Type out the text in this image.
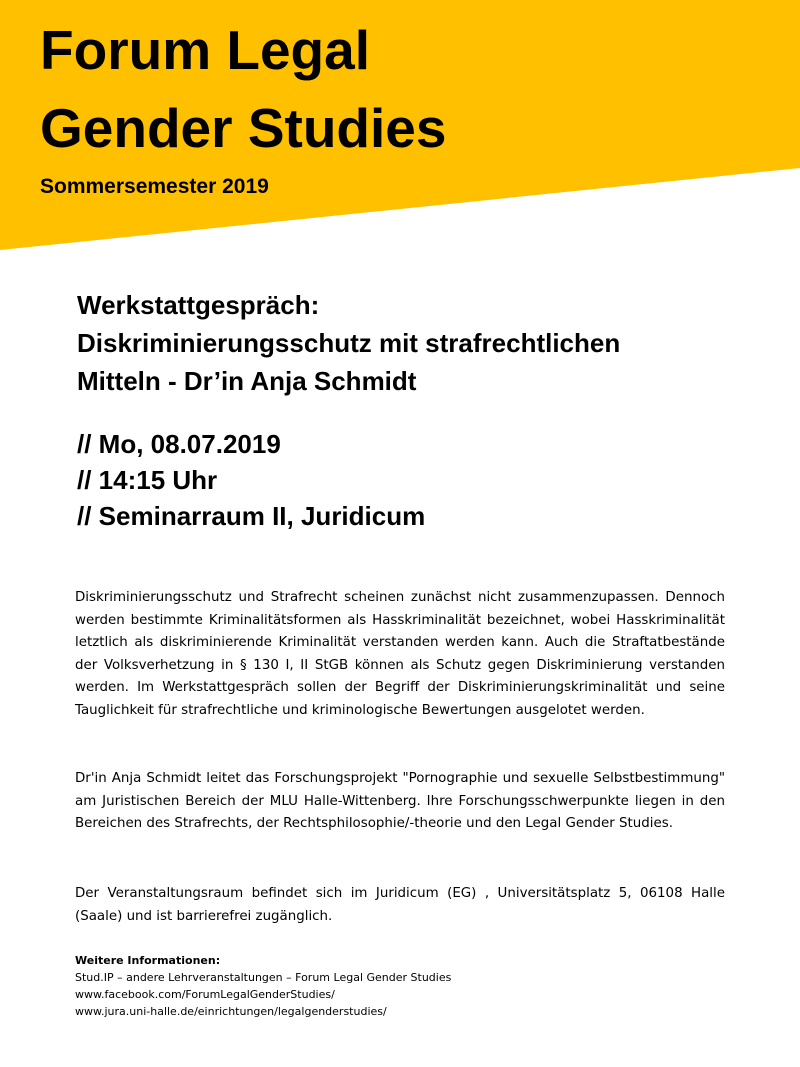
Forum Legal
Gender Studies
Sommersemester 2019
Werkstattgespräch:
Diskriminierungsschutz mit strafrechtlichen
Mitteln - Dr’in Anja Schmidt
// Mo, 08.07.2019
// 14:15 Uhr
// Seminarraum II, Juridicum

Diskriminierungsschutz und Strafrecht scheinen zunächst nicht zusammenzupassen. Dennoch werden bestimmte Kriminalitätsformen als Hasskriminalität bezeichnet, wobei Hasskriminalität letztlich als diskriminierende Kriminalität verstanden werden kann. Auch die Straftatbestände der Volksverhetzung in § 130 I, II StGB können als Schutz gegen Diskriminierung verstanden werden. Im Werkstattgespräch sollen der Begriff der Diskriminierungskriminalität und seine Tauglichkeit für strafrechtliche und kriminologische Bewertungen ausgelotet werden.

Dr'in Anja Schmidt leitet das Forschungsprojekt "Pornographie und sexuelle Selbstbestimmung" am Juristischen Bereich der MLU Halle-Wittenberg. Ihre Forschungsschwerpunkte liegen in den Bereichen des Strafrechts, der Rechtsphilosophie/-theorie und den Legal Gender Studies.

Der Veranstaltungsraum befindet sich im Juridicum (EG) , Universitätsplatz 5, 06108 Halle (Saale) und ist barrierefrei zugänglich.

Weitere Informationen:
Stud.IP – andere Lehrveranstaltungen – Forum Legal Gender Studies
www.facebook.com/ForumLegalGenderStudies/
www.jura.uni-halle.de/einrichtungen/legalgenderstudies/
